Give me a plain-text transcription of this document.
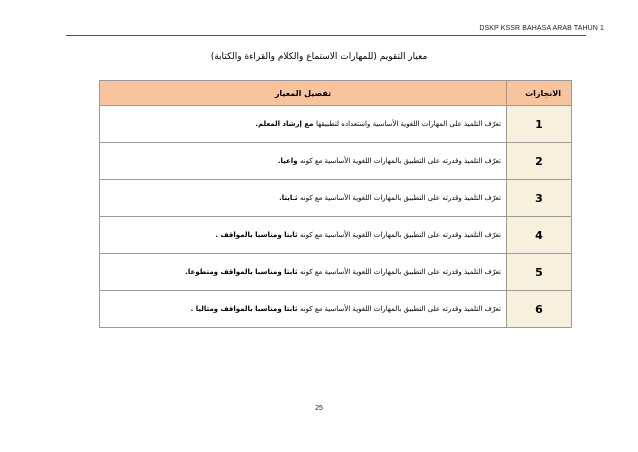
DSKP KSSR BAHASA ARAB TAHUN 1
معيار التقويم (للمهارات الاستماع والكلام والقراءة والكتابة)
الانجازات	تفصيل المعيار
1	تعرّف التلميذ على المهارات اللغوية الأساسية واستعداده لتطبيقها مع إرشاد المعلم.
2	تعرّف التلميذ وقدرته على التطبيق بالمهارات اللغوية الأساسية مع كونه واعيا.
3	تعرّف التلميذ وقدرته على التطبيق بالمهارات اللغوية الأساسية مع كونه ثـابتا.
4	تعرّف التلميذ وقدرته على التطبيق بالمهارات اللغوية الأساسية مع كونه ثابتا ومناسبا بالمواقف .
5	تعرّف التلميذ وقدرته على التطبيق بالمهارات اللغوية الأساسية مع كونه ثابتا ومناسبا بالمواقف ومتطوعا.
6	تعرّف التلميذ وقدرته على التطبيق بالمهارات اللغوية الأساسية مع كونه ثابتا ومناسبا بالمواقف ومثاليا .
25
